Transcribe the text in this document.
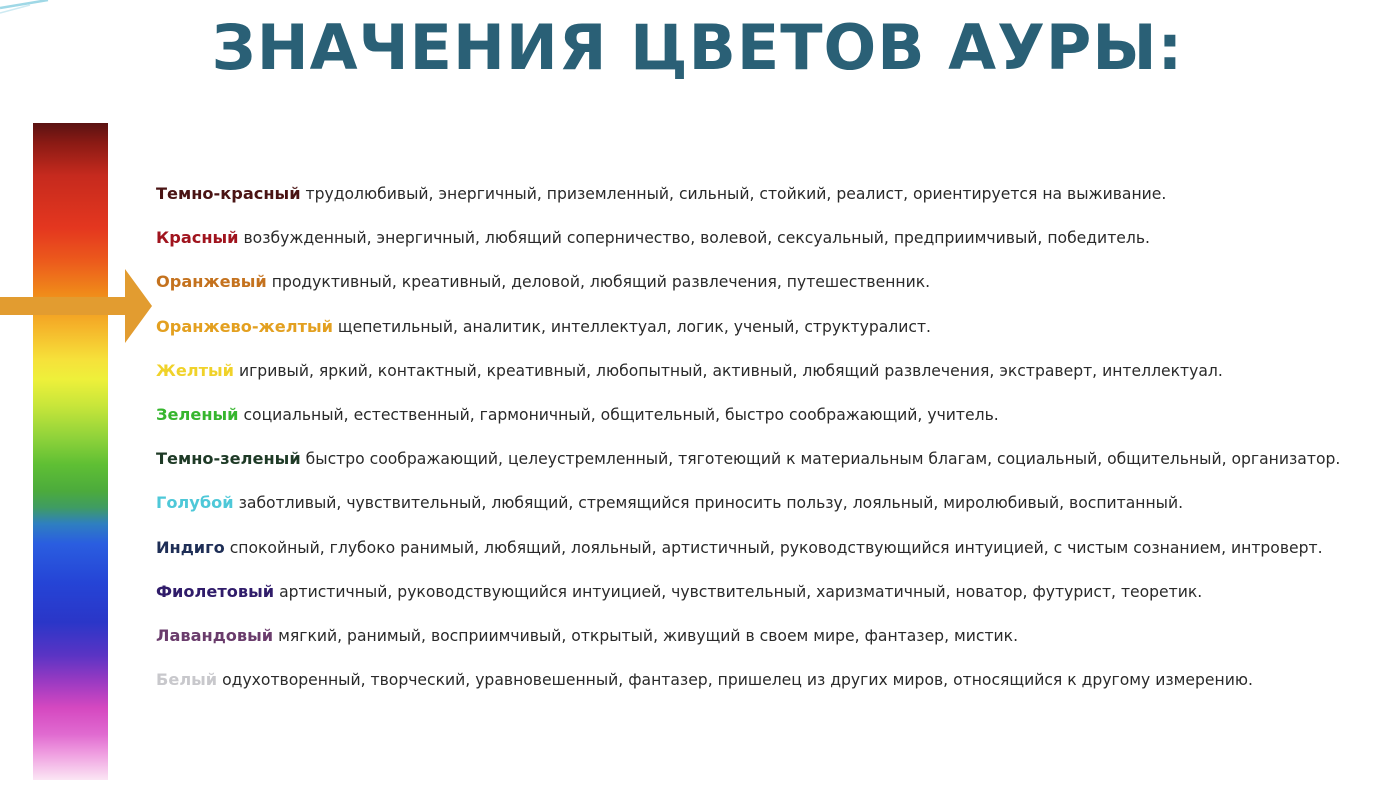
ЗНАЧЕНИЯ ЦВЕТОВ АУРЫ:
Темно-красный трудолюбивый, энергичный, приземленный, сильный, стойкий, реалист, ориентируется на выживание.
Красный возбужденный, энергичный, любящий соперничество, волевой, сексуальный, предприимчивый, победитель.
Оранжевый продуктивный, креативный, деловой, любящий развлечения, путешественник.
Оранжево-желтый щепетильный, аналитик, интеллектуал, логик, ученый, структуралист.
Желтый игривый, яркий, контактный, креативный, любопытный, активный, любящий развлечения, экстраверт, интеллектуал.
Зеленый социальный, естественный, гармоничный, общительный, быстро соображающий, учитель.
Темно-зеленый быстро соображающий, целеустремленный, тяготеющий к материальным благам, социальный, общительный, организатор.
Голубой заботливый, чувствительный, любящий, стремящийся приносить пользу, лояльный, миролюбивый, воспитанный.
Индиго спокойный, глубоко ранимый, любящий, лояльный, артистичный, руководствующийся интуицией, с чистым сознанием, интроверт.
Фиолетовый артистичный, руководствующийся интуицией, чувствительный, харизматичный, новатор, футурист, теоретик.
Лавандовый мягкий, ранимый, восприимчивый, открытый, живущий в своем мире, фантазер, мистик.
Белый одухотворенный, творческий, уравновешенный, фантазер, пришелец из других миров, относящийся к другому измерению.
